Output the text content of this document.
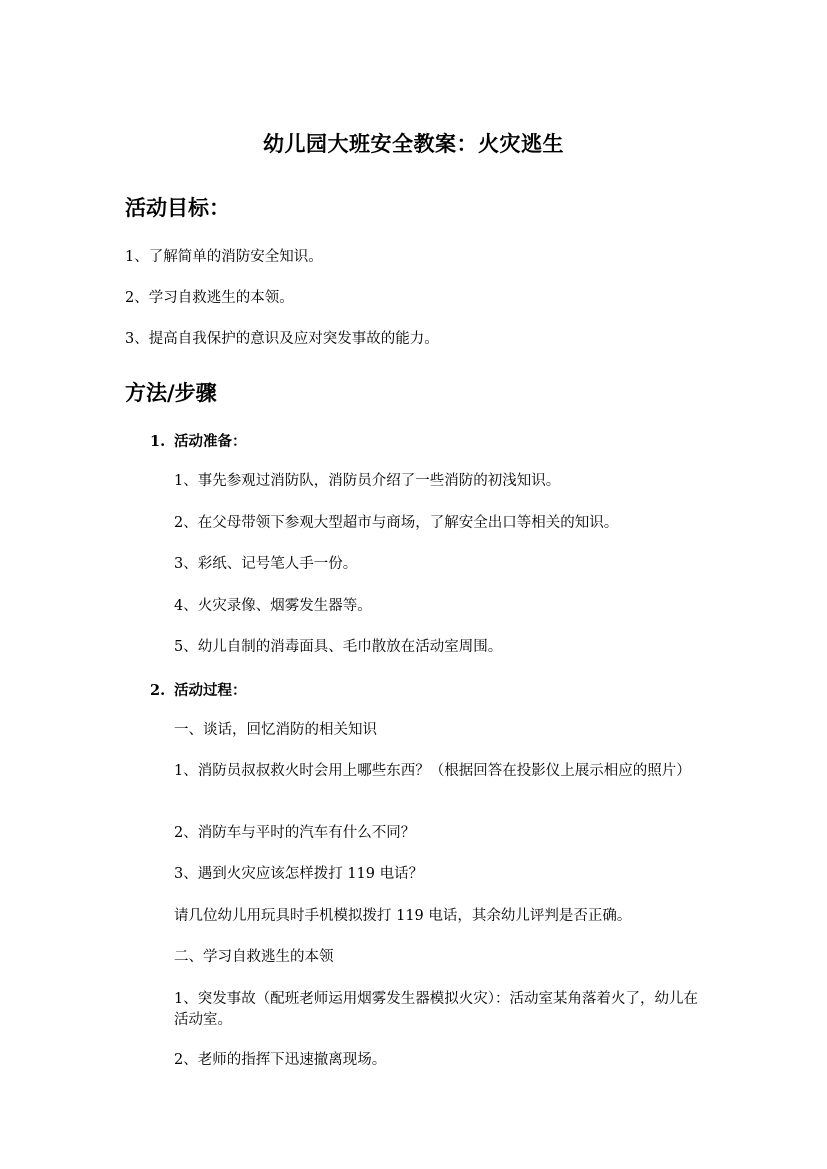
幼儿园大班安全教案：火灾逃生
活动目标：
1、了解简单的消防安全知识。
2、学习自救逃生的本领。
3、提高自我保护的意识及应对突发事故的能力。
方法/步骤
1. 活动准备：
1、事先参观过消防队，消防员介绍了一些消防的初浅知识。
2、在父母带领下参观大型超市与商场，了解安全出口等相关的知识。
3、彩纸、记号笔人手一份。
4、火灾录像、烟雾发生器等。
5、幼儿自制的消毒面具、毛巾散放在活动室周围。
2. 活动过程：
一、谈话，回忆消防的相关知识
1、消防员叔叔救火时会用上哪些东西？（根据回答在投影仪上展示相应的照片）
2、消防车与平时的汽车有什么不同？
3、遇到火灾应该怎样拨打 119 电话？
请几位幼儿用玩具时手机模拟拨打 119 电话，其余幼儿评判是否正确。
二、学习自救逃生的本领
1、突发事故（配班老师运用烟雾发生器模拟火灾）：活动室某角落着火了，幼儿在活动室。
2、老师的指挥下迅速撤离现场。
